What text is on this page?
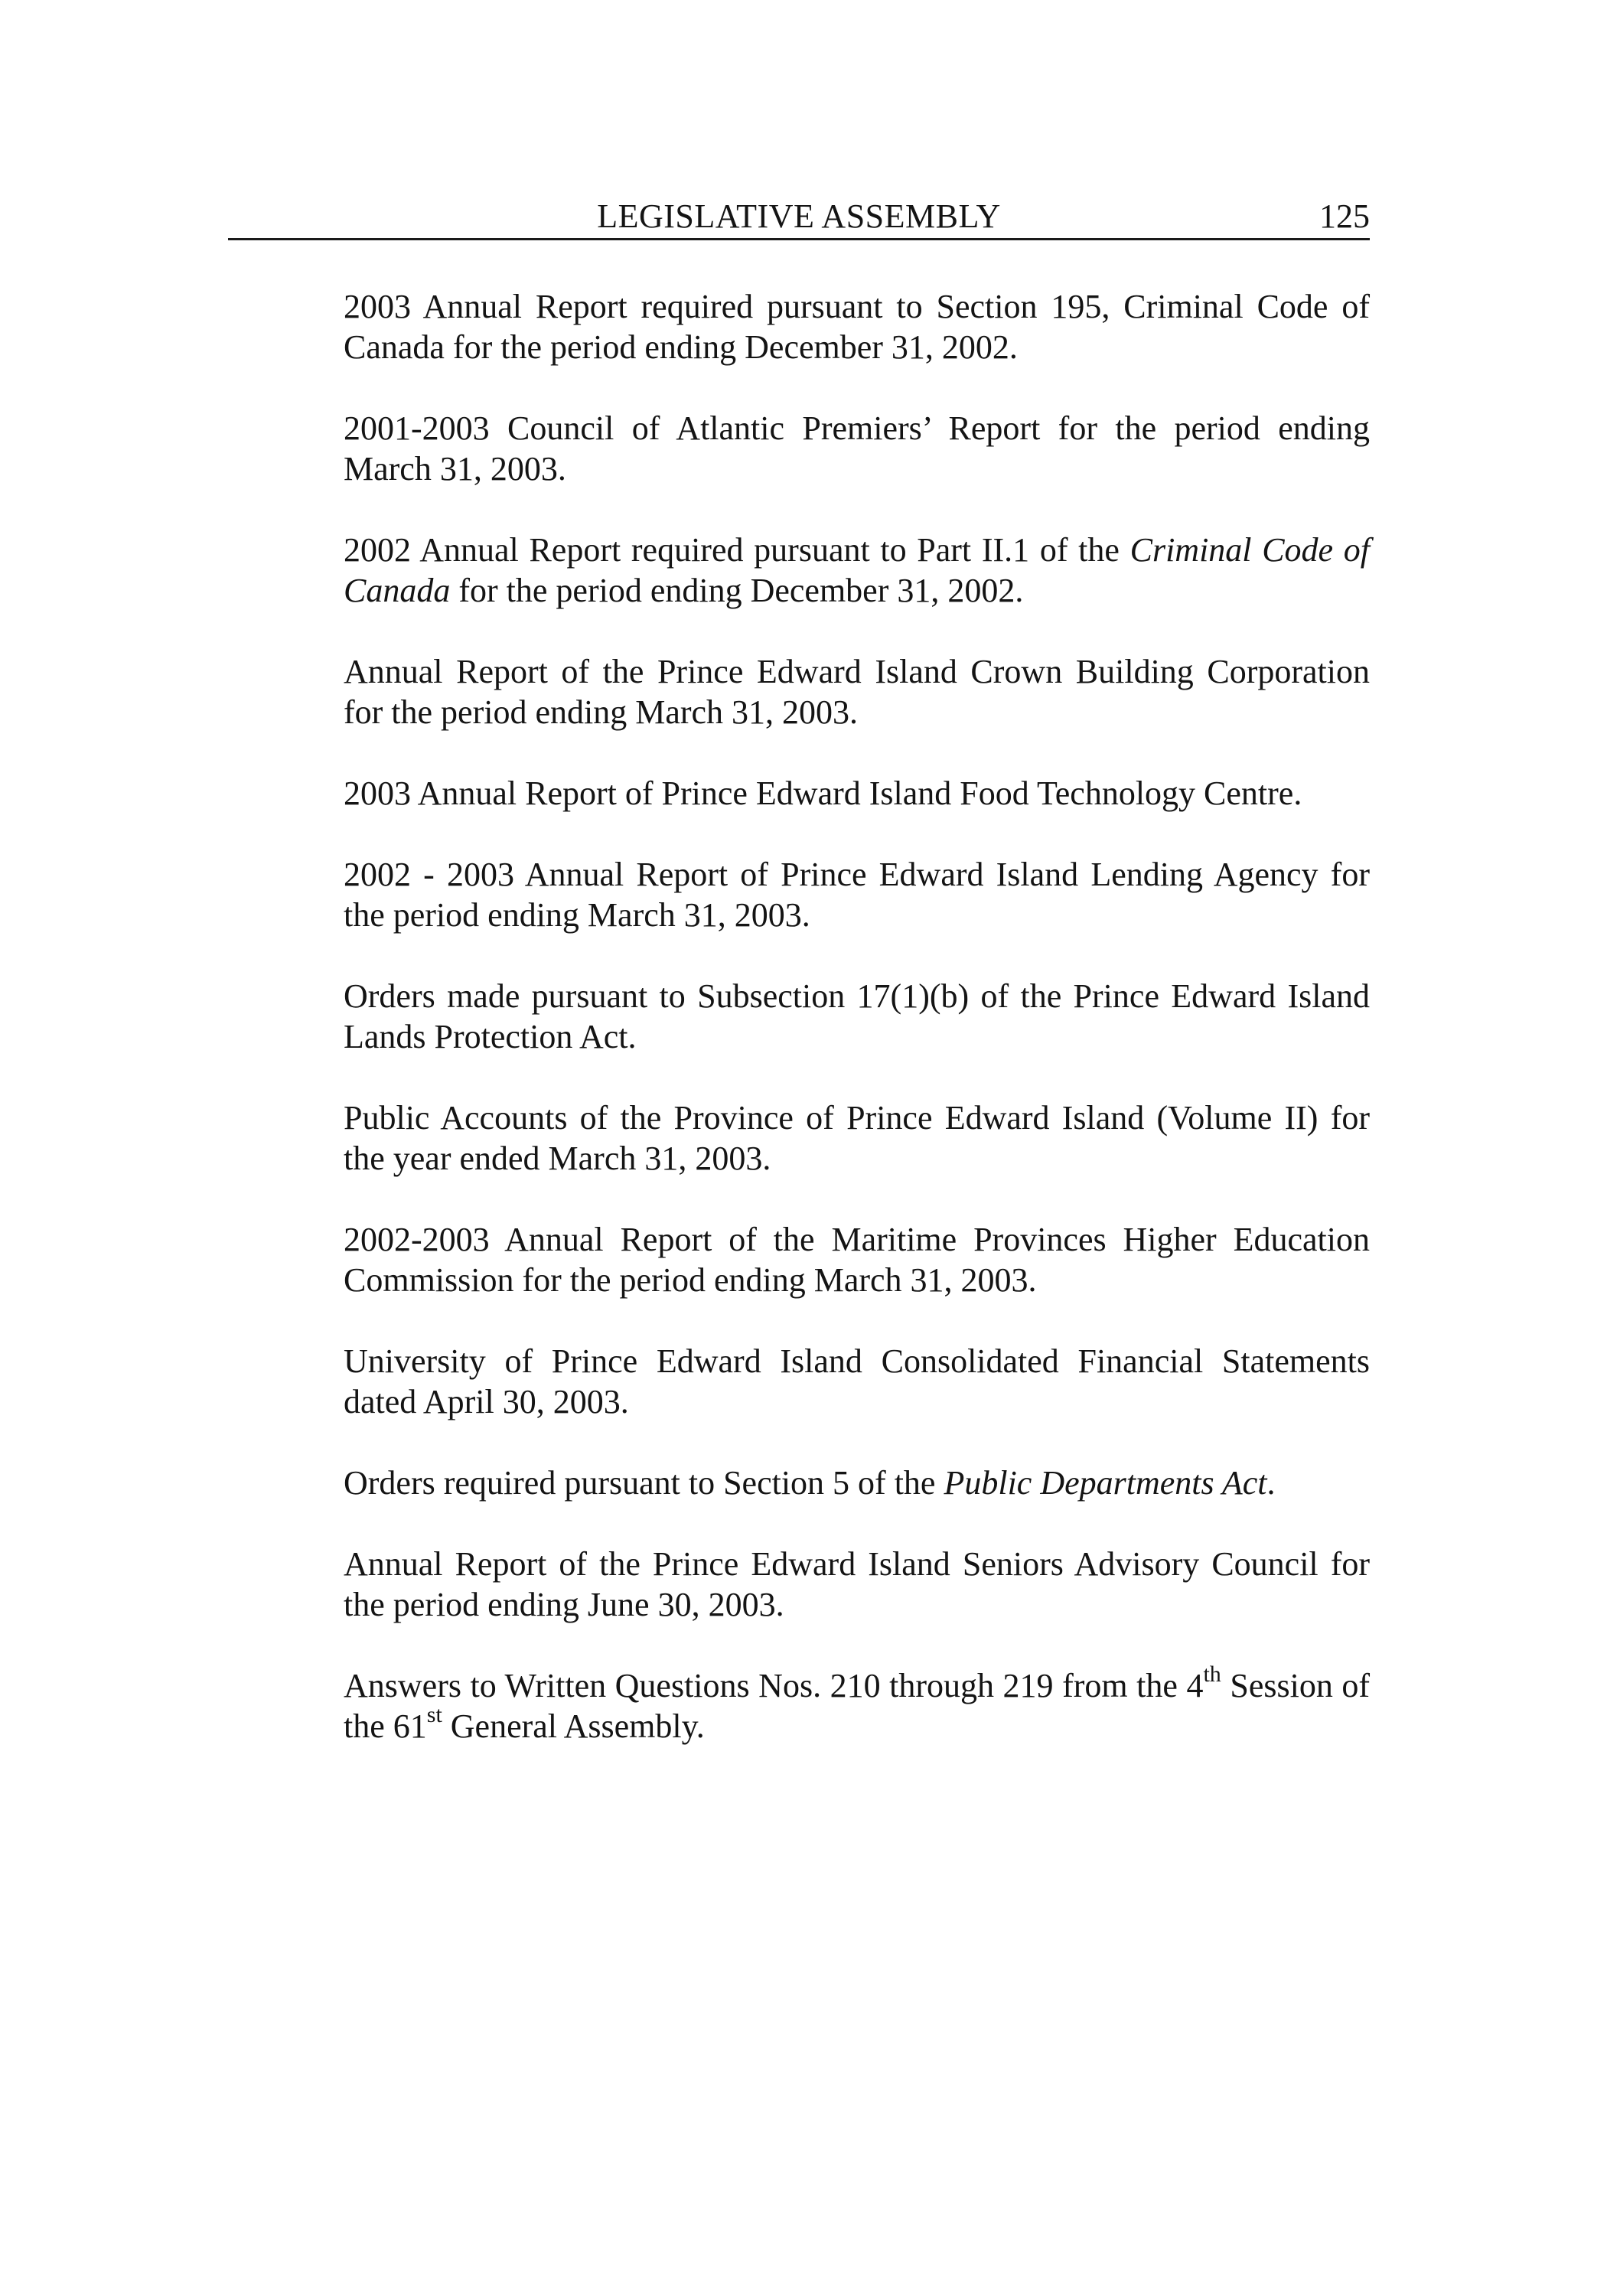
LEGISLATIVE ASSEMBLY	125

2003 Annual Report required pursuant to Section 195, Criminal Code of Canada for the period ending December 31, 2002.

2001-2003 Council of Atlantic Premiers’ Report for the period ending March 31, 2003.

2002 Annual Report required pursuant to Part II.1 of the Criminal Code of Canada for the period ending December 31, 2002.

Annual Report of the Prince Edward Island Crown Building Corporation for the period ending March 31, 2003.

2003 Annual Report of Prince Edward Island Food Technology Centre.

2002 - 2003 Annual Report of Prince Edward Island Lending Agency for the period ending March 31, 2003.

Orders made pursuant to Subsection 17(1)(b) of the Prince Edward Island Lands Protection Act.

Public Accounts of the Province of Prince Edward Island (Volume II) for the year ended March 31, 2003.

2002-2003 Annual Report of the Maritime Provinces Higher Education Commission for the period ending March 31, 2003.

University of Prince Edward Island Consolidated Financial Statements dated April 30, 2003.

Orders required pursuant to Section 5 of the Public Departments Act.

Annual Report of the Prince Edward Island Seniors Advisory Council for the period ending June 30, 2003.

Answers to Written Questions Nos. 210 through 219 from the 4th Session of the 61st General Assembly.
